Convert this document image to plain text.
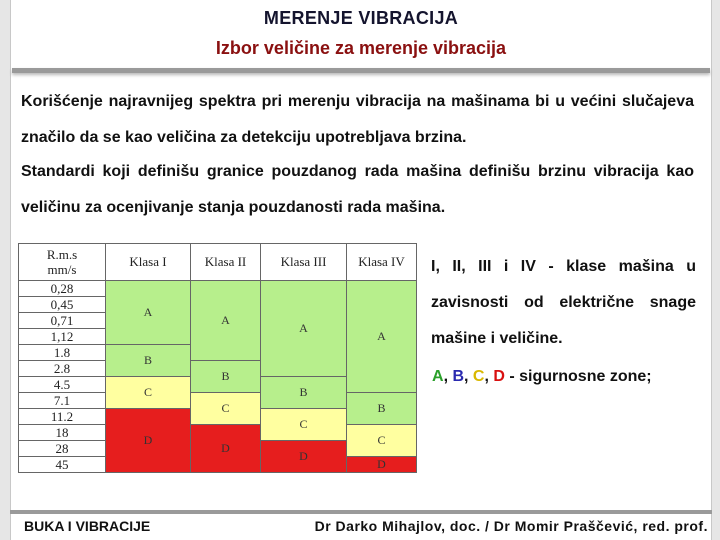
MERENJE VIBRACIJA
Izbor veličine za merenje vibracija
Korišćenje najravnijeg spektra pri merenju vibracija na mašinama bi u većini slučajeva značilo da se kao veličina za detekciju upotrebljava brzina.
Standardi koji definišu granice pouzdanog rada mašina definišu brzinu vibracija kao veličinu za ocenjivanje stanja pouzdanosti rada mašina.
R.m.s
mm/s	Klasa I	Klasa II	Klasa III	Klasa IV
0,28	A	A	A	A

0,45				
0,71				
1,12				
1.8	B			

2.8		B		

4.5	C		B	

7.1		C		B

11.2	D		C	

18		D		C

28			D	

45				D
I, II, III i IV - klase mašina u zavisnosti od električne snage mašine i veličine.
A, B, C, D - sigurnosne zone;
BUKA I VIBRACIJE	Dr Darko Mihajlov, doc. / Dr Momir Praščević, red. prof.
